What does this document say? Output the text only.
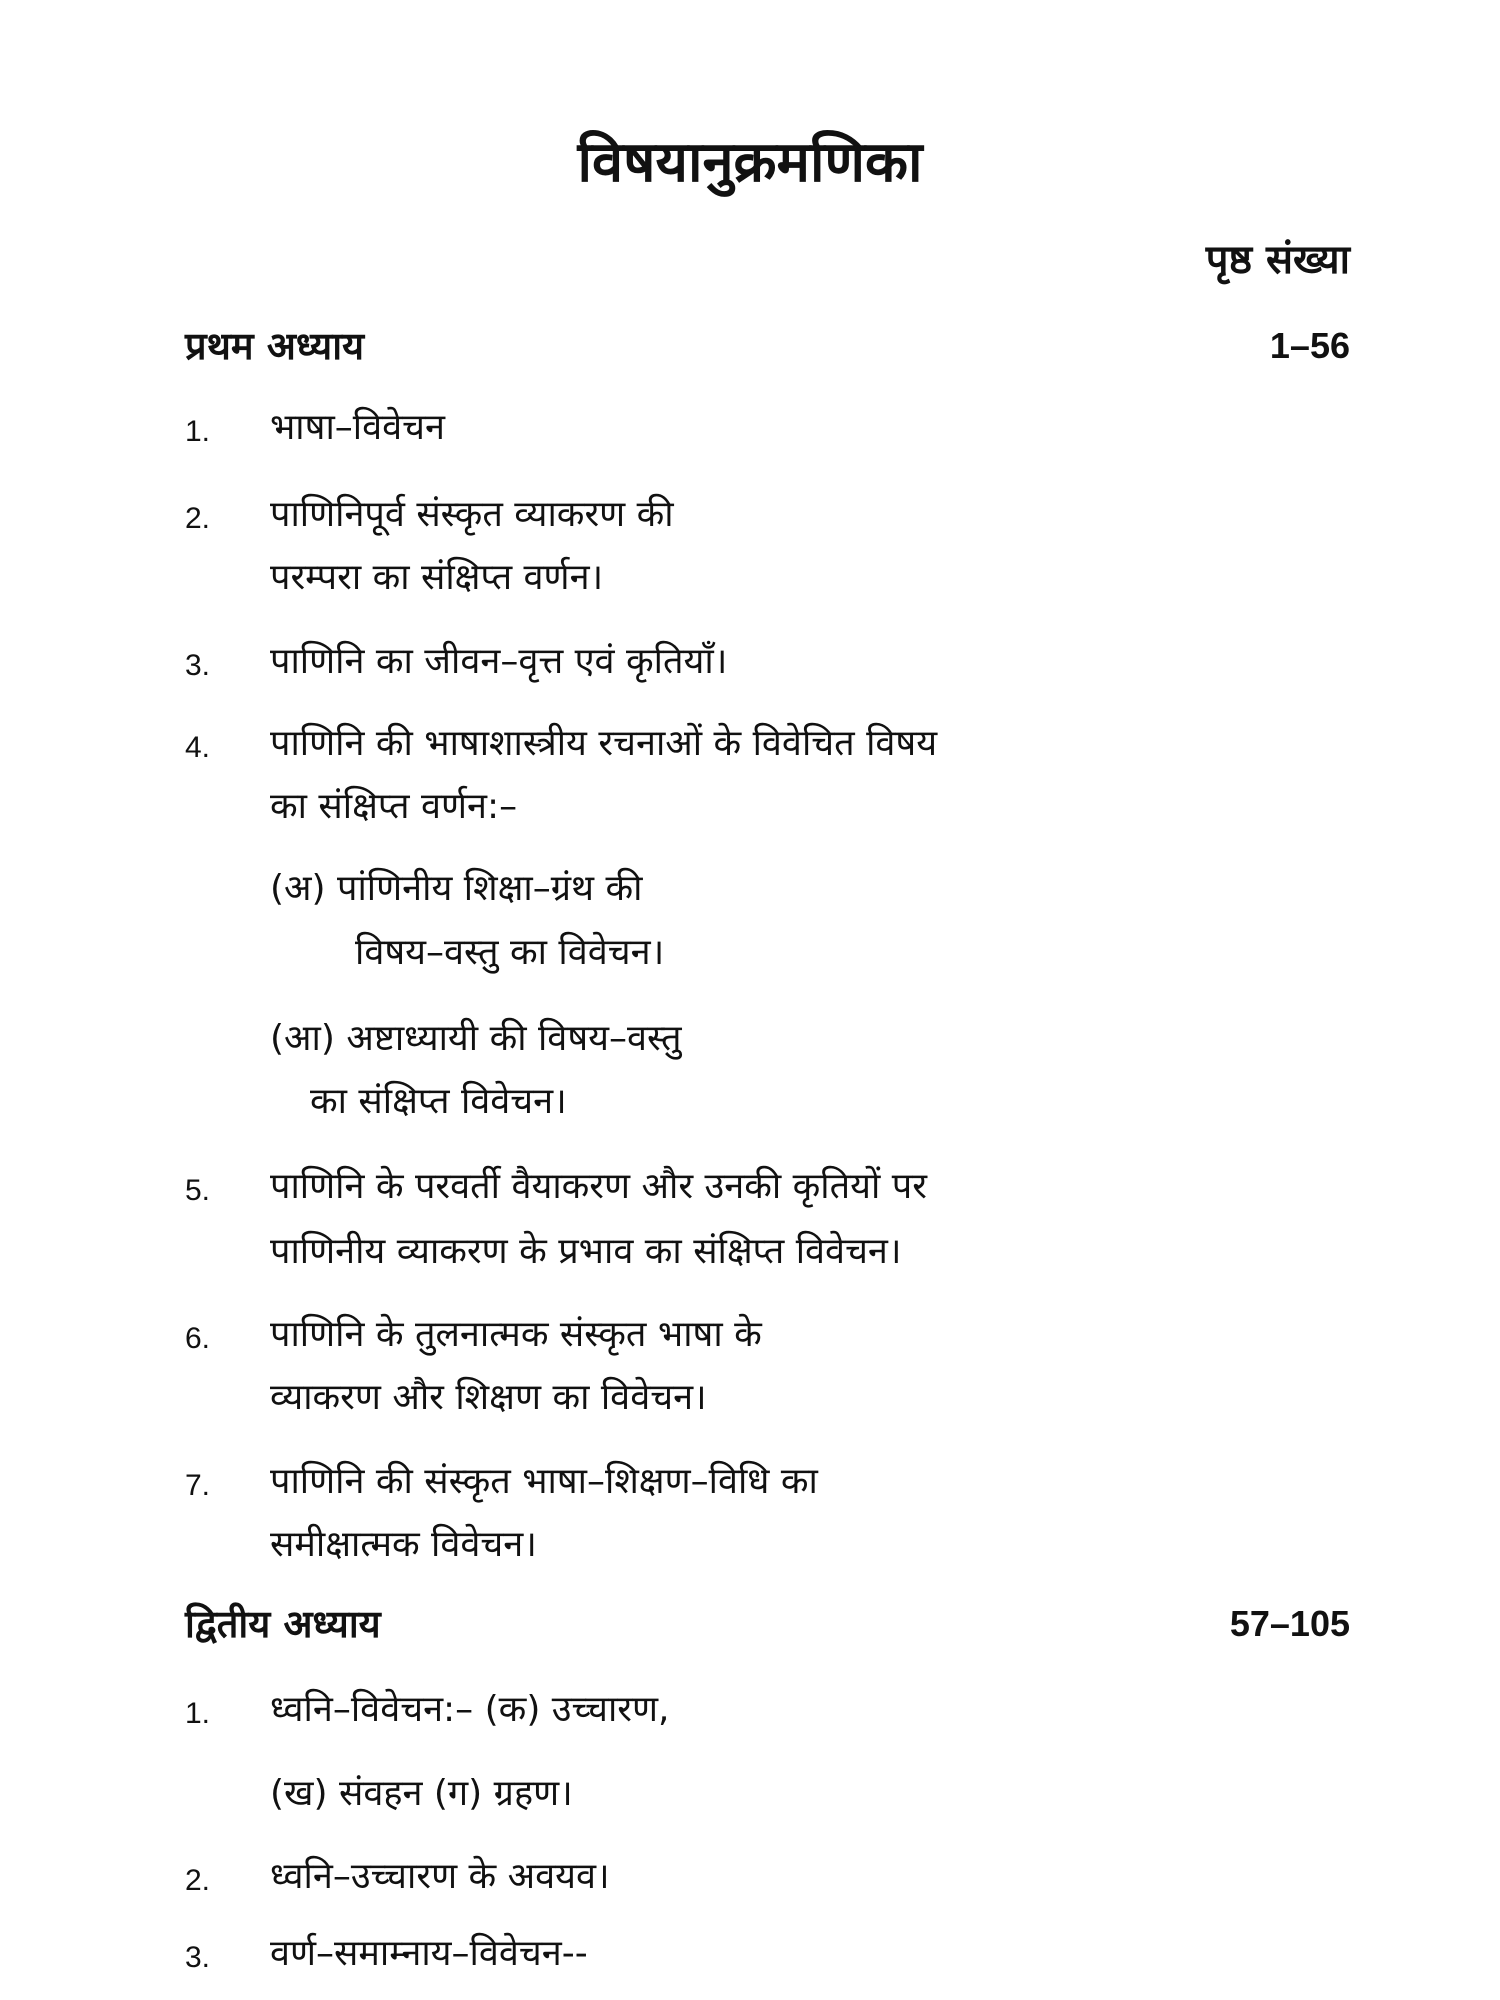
विषयानुक्रमणिका
पृष्ठ संख्या
प्रथम अध्याय	1–56
1. भाषा–विवेचन
2. पाणिनिपूर्व संस्कृत व्याकरण की
परम्परा का संक्षिप्त वर्णन।
3. पाणिनि का जीवन–वृत्त एवं कृतियाँ।
4. पाणिनि की भाषाशास्त्रीय रचनाओं के विवेचित विषय
का संक्षिप्त वर्णन:–
(अ) पांणिनीय शिक्षा–ग्रंथ की
विषय–वस्तु का विवेचन।
(आ) अष्टाध्यायी की विषय–वस्तु
का संक्षिप्त विवेचन।
5. पाणिनि के परवर्ती वैयाकरण और उनकी कृतियों पर
पाणिनीय व्याकरण के प्रभाव का संक्षिप्त विवेचन।
6. पाणिनि के तुलनात्मक संस्कृत भाषा के
व्याकरण और शिक्षण का विवेचन।
7. पाणिनि की संस्कृत भाषा–शिक्षण–विधि का
समीक्षात्मक विवेचन।
द्वितीय अध्याय	57–105
1. ध्वनि–विवेचन:– (क) उच्चारण,
(ख) संवहन (ग) ग्रहण।
2. ध्वनि–उच्चारण के अवयव।
3. वर्ण–समाम्नाय–विवेचन--
